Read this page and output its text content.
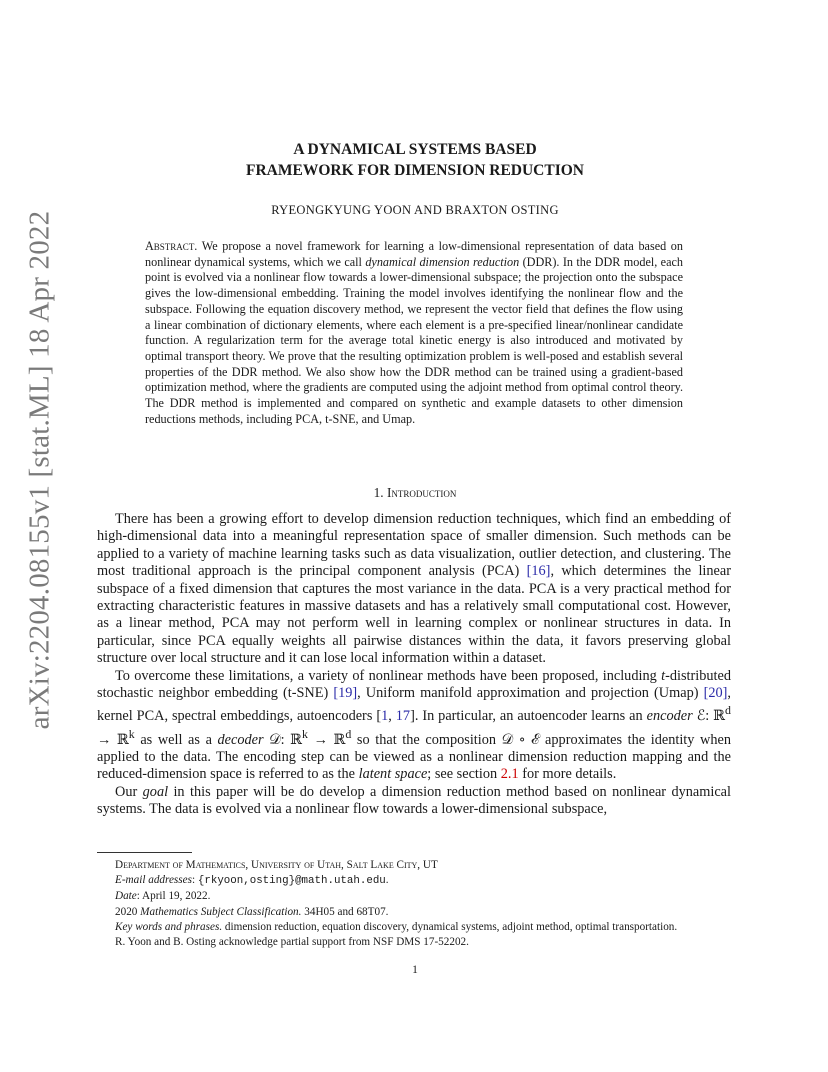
arXiv:2204.08155v1 [stat.ML] 18 Apr 2022
A DYNAMICAL SYSTEMS BASED
FRAMEWORK FOR DIMENSION REDUCTION
RYEONGKYUNG YOON AND BRAXTON OSTING
Abstract. We propose a novel framework for learning a low-dimensional representation of data based on nonlinear dynamical systems, which we call dynamical dimension reduction (DDR). In the DDR model, each point is evolved via a nonlinear flow towards a lower-dimensional subspace; the projection onto the subspace gives the low-dimensional embedding. Training the model involves identifying the nonlinear flow and the subspace. Following the equation discovery method, we represent the vector field that defines the flow using a linear combination of dictionary elements, where each element is a pre-specified linear/nonlinear candidate function. A regularization term for the average total kinetic energy is also introduced and motivated by optimal transport theory. We prove that the resulting optimization problem is well-posed and establish several properties of the DDR method. We also show how the DDR method can be trained using a gradient-based optimization method, where the gradients are computed using the adjoint method from optimal control theory. The DDR method is implemented and compared on synthetic and example datasets to other dimension reductions methods, including PCA, t-SNE, and Umap.
1. Introduction

There has been a growing effort to develop dimension reduction techniques, which find an embedding of high-dimensional data into a meaningful representation space of smaller dimension. Such methods can be applied to a variety of machine learning tasks such as data visualization, outlier detection, and clustering. The most traditional approach is the principal component analysis (PCA) [16], which determines the linear subspace of a fixed dimension that captures the most variance in the data. PCA is a very practical method for extracting characteristic features in massive datasets and has a relatively small computational cost. However, as a linear method, PCA may not perform well in learning complex or nonlinear structures in data. In particular, since PCA equally weights all pairwise distances within the data, it favors preserving global structure over local structure and it can lose local information within a dataset.

To overcome these limitations, a variety of nonlinear methods have been proposed, including t-distributed stochastic neighbor embedding (t-SNE) [19], Uniform manifold approximation and projection (Umap) [20], kernel PCA, spectral embeddings, autoencoders [1, 17]. In particular, an autoencoder learns an encoder ℰ: ℝ$^d$ → ℝ$^k$ as well as a decoder 𝒟: ℝ$^k$ → ℝ$^d$ so that the composition 𝒟 ∘ ℰ approximates the identity when applied to the data. The encoding step can be viewed as a nonlinear dimension reduction mapping and the reduced-dimension space is referred to as the latent space; see section 2.1 for more details.

Our goal in this paper will be do develop a dimension reduction method based on nonlinear dynamical systems. The data is evolved via a nonlinear flow towards a lower-dimensional subspace,

Department of Mathematics, University of Utah, Salt Lake City, UT

E-mail addresses: {rkyoon,osting}@math.utah.edu.

Date: April 19, 2022.

2020 Mathematics Subject Classification. 34H05 and 68T07.

Key words and phrases. dimension reduction, equation discovery, dynamical systems, adjoint method, optimal transportation.

R. Yoon and B. Osting acknowledge partial support from NSF DMS 17-52202.

1
